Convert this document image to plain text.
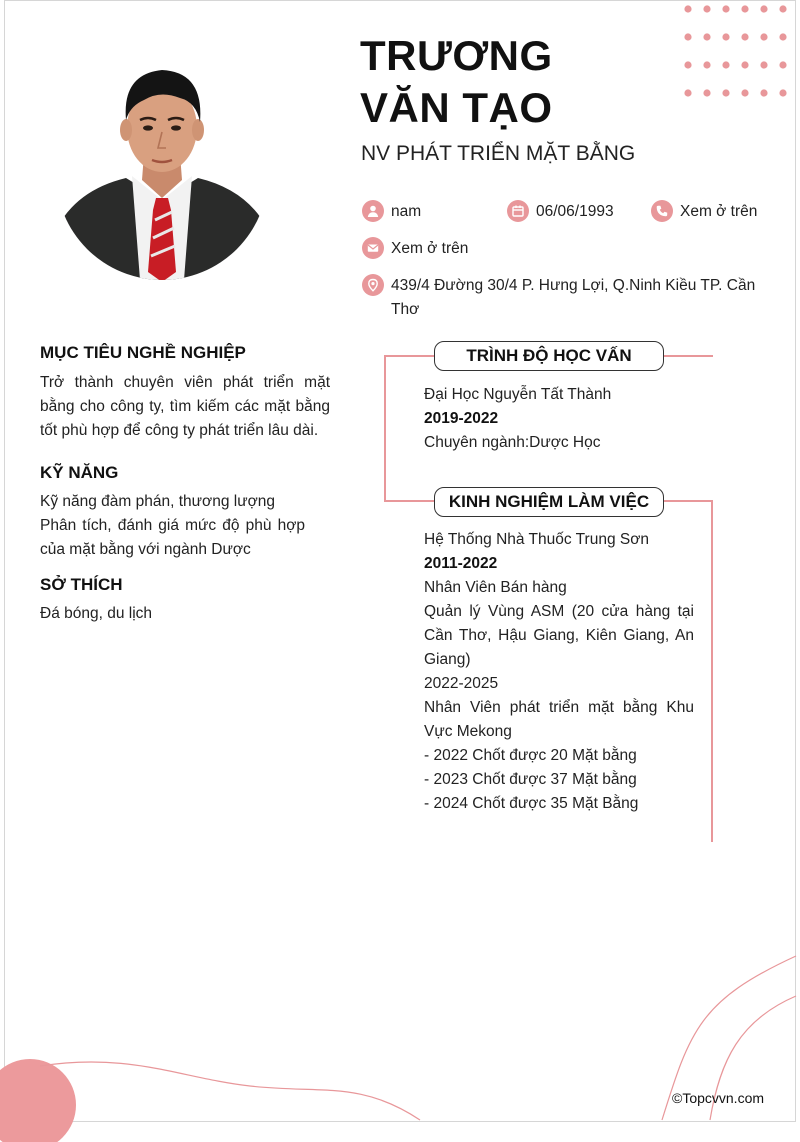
TRƯƠNG
VĂN TẠO
NV PHÁT TRIỂN MẶT BẰNG
nam	06/06/1993	Xem ở trên
Xem ở trên
439/4 Đường 30/4 P. Hưng Lợi, Q.Ninh Kiều TP. Cần Thơ
MỤC TIÊU NGHỀ NGHIỆP
Trở thành chuyên viên phát triển mặt bằng cho công ty, tìm kiếm các mặt bằng tốt phù hợp để công ty phát triển lâu dài.
KỸ NĂNG
Kỹ năng đàm phán, thương lượng
Phân tích, đánh giá mức độ phù hợp của mặt bằng với ngành Dược
SỞ THÍCH
Đá bóng, du lịch
TRÌNH ĐỘ HỌC VẤN
Đại Học Nguyễn Tất Thành
2019-2022
Chuyên ngành:Dược Học
KINH NGHIỆM LÀM VIỆC
Hệ Thống Nhà Thuốc Trung Sơn
2011-2022
Nhân Viên Bán hàng
Quản lý Vùng ASM (20 cửa hàng tại Cần Thơ, Hậu Giang, Kiên Giang, An Giang)
2022-2025
Nhân Viên phát triển mặt bằng Khu Vực Mekong
- 2022 Chốt được 20 Mặt bằng
- 2023 Chốt được 37 Mặt bằng
- 2024 Chốt được 35 Mặt Bằng
©Topcvvn.com
